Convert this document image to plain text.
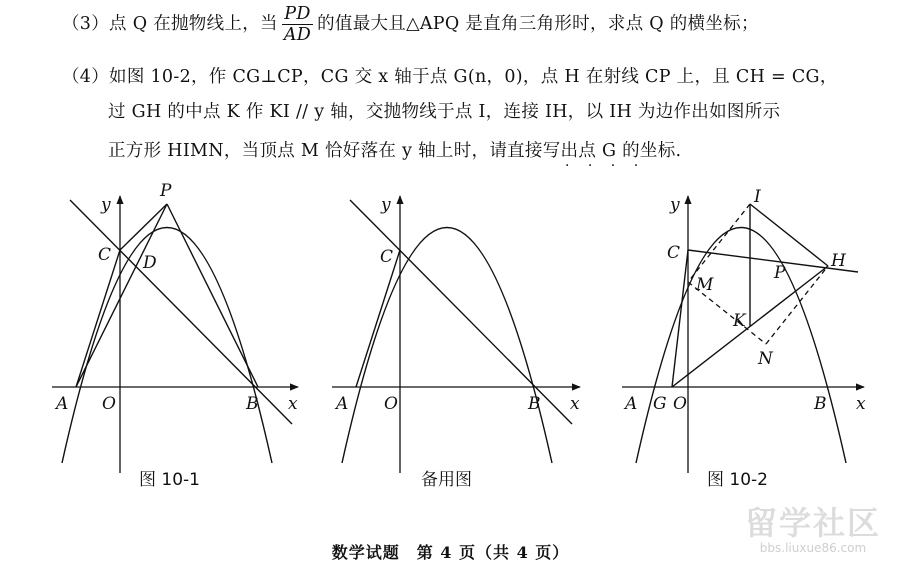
（3）点 Q 在抛物线上，当 $\frac{PD}{AD}$ 的值最大且△APQ 是直角三角形时，求点 Q 的横坐标；
（4）如图 10-2，作 CG⊥CP，CG 交 x 轴于点 G(n，0)，点 H 在射线 CP 上，且 CH = CG，
过 GH 的中点 K 作 KI // y 轴，交抛物线于点 I，连接 IH，以 IH 为边作出如图所示
正方形 HIMN，当顶点 M 恰好落在 y 轴上时，请直接写出点 G 的坐标.
· · · ·
y
P
C D
A O	B x
图 10-1
y
C
A O	B x
备用图
y	I
C	H
P
M
K
N
A G O	B x
图 10-2
数学试题　第 4 页（共 4 页）
留学社区
bbs.liuxue86.com
